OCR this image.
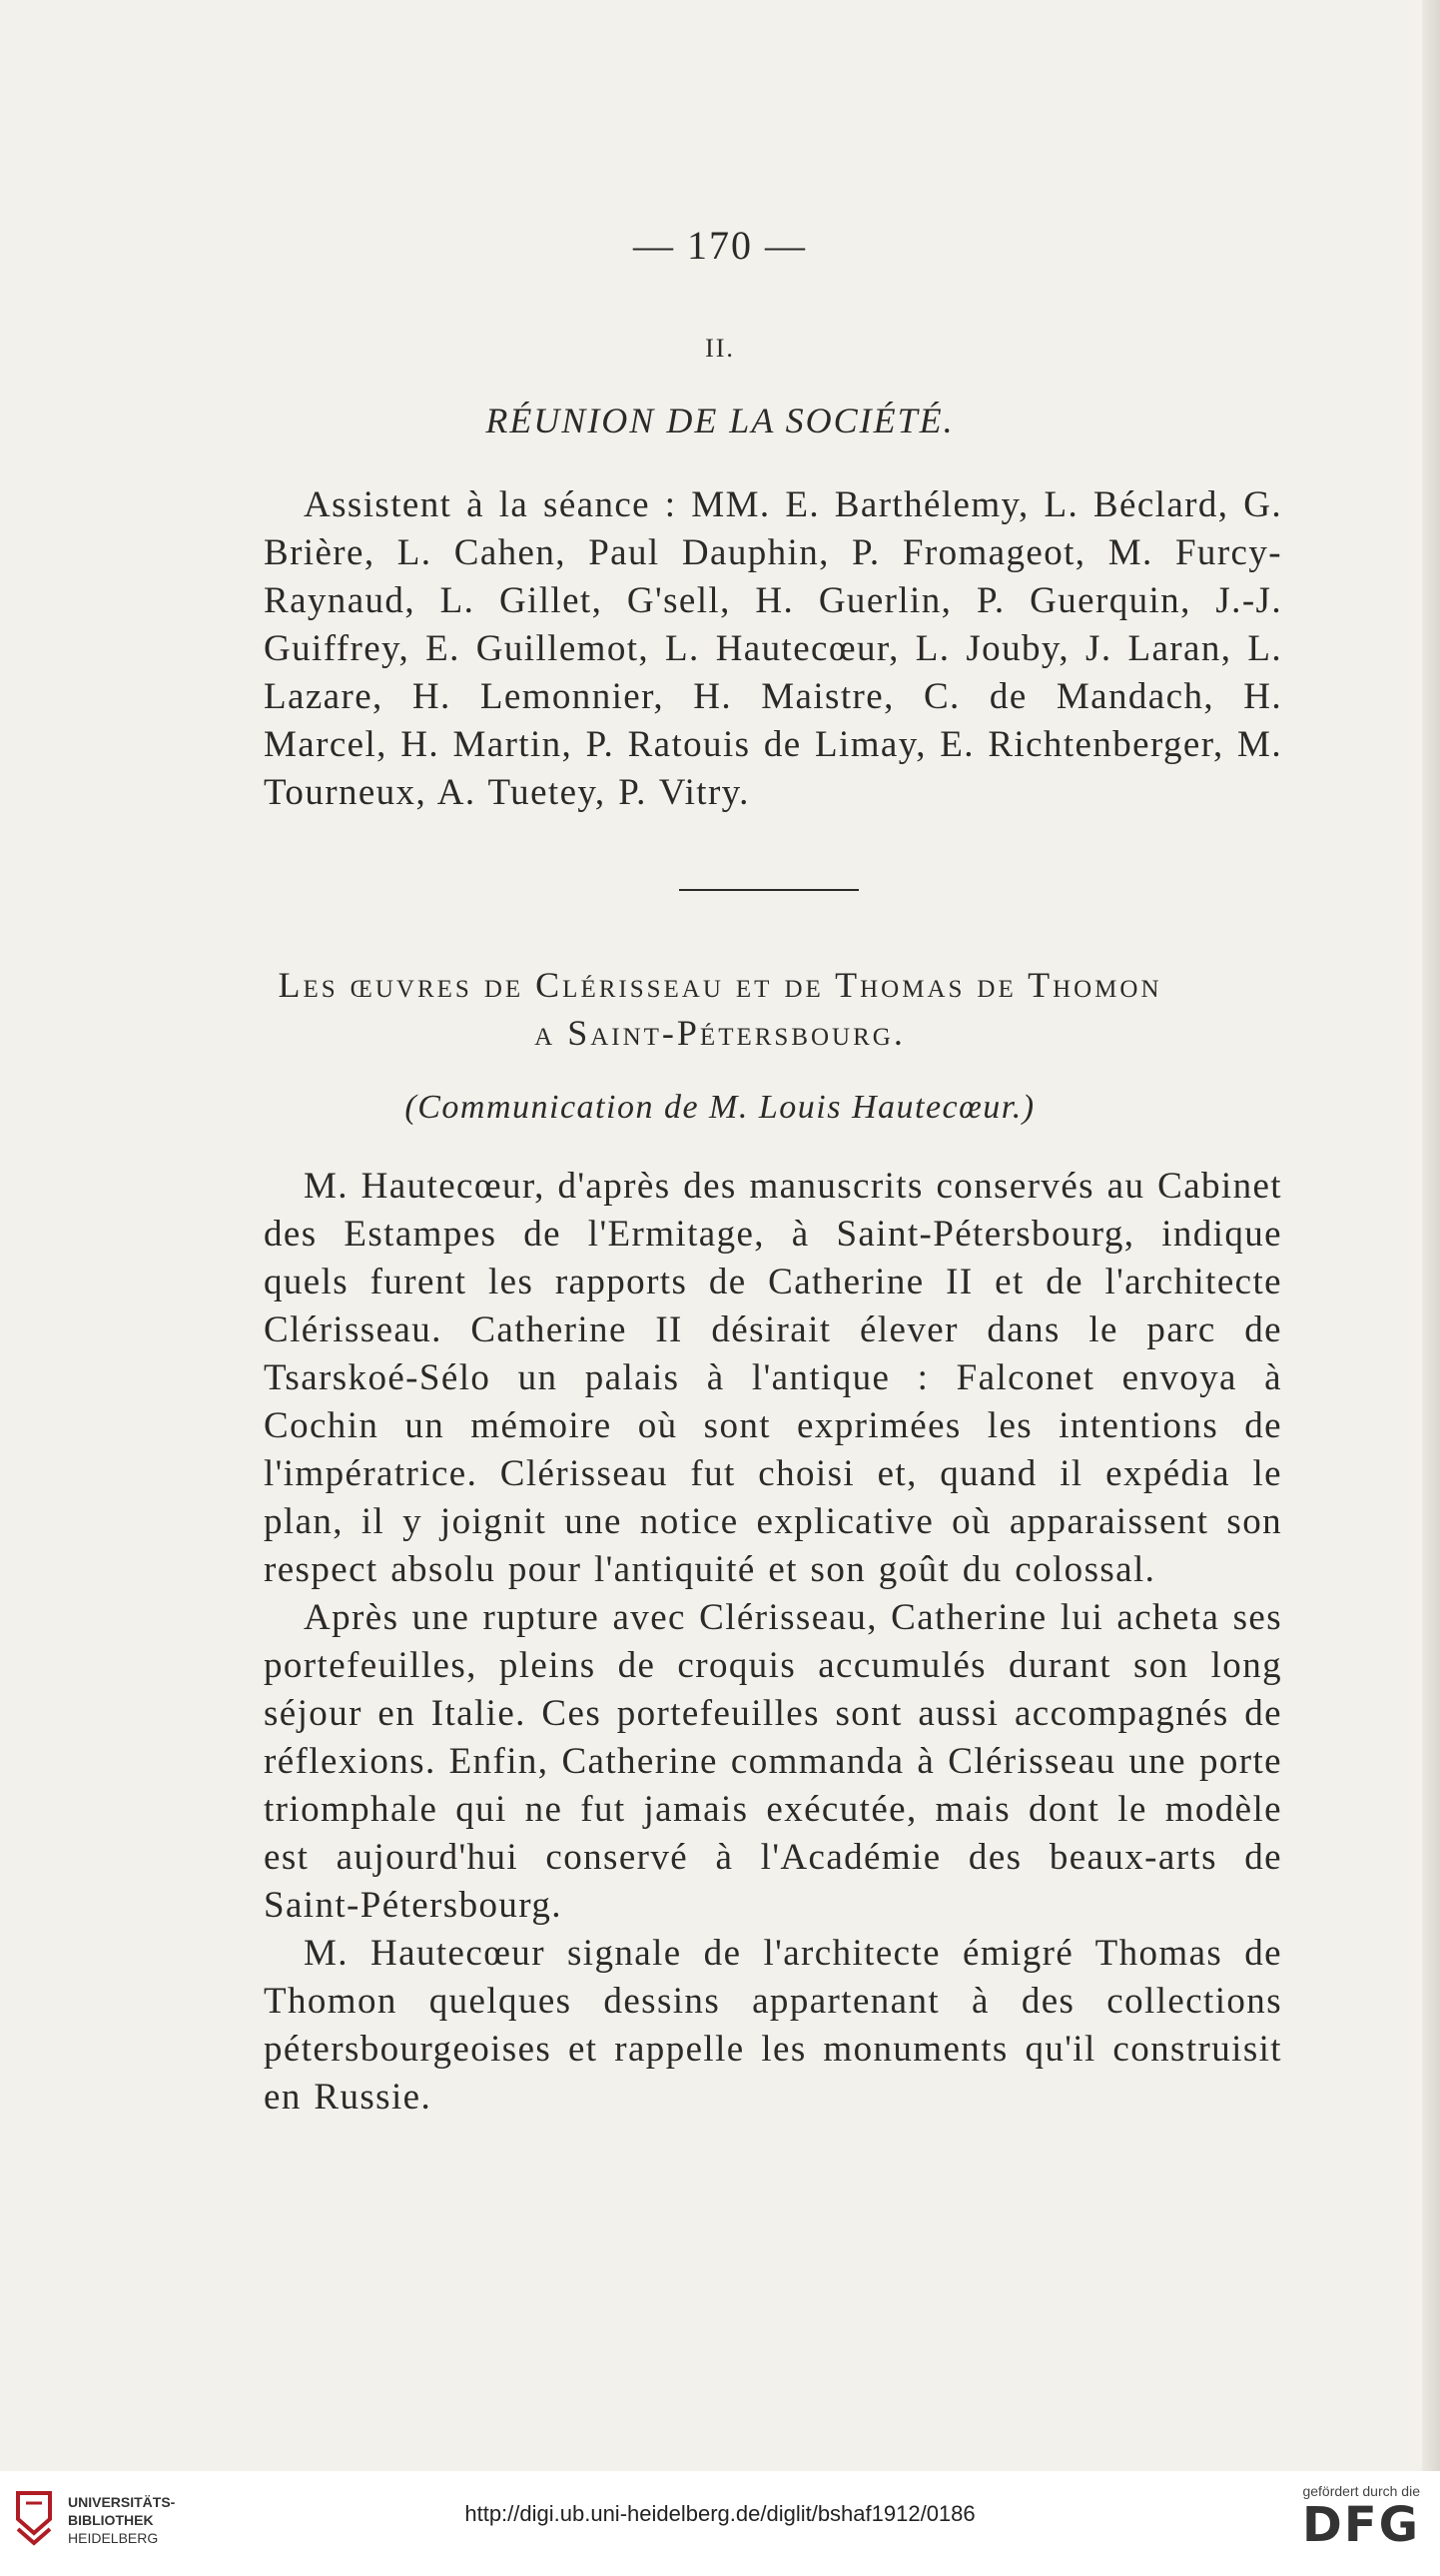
— 170 —
II.
RÉUNION DE LA SOCIÉTÉ.

Assistent à la séance : MM. E. Barthélemy, L. Béclard, G. Brière, L. Cahen, Paul Dauphin, P. Fromageot, M. Furcy-Raynaud, L. Gillet, G'sell, H. Guerlin, P. Guerquin, J.-J. Guiffrey, E. Guillemot, L. Hautecœur, L. Jouby, J. Laran, L. Lazare, H. Lemonnier, H. Maistre, C. de Mandach, H. Marcel, H. Martin, P. Ratouis de Limay, E. Richtenberger, M. Tourneux, A. Tuetey, P. Vitry.

Les œuvres de Clérisseau et de Thomas de Thomon
a Saint-Pétersbourg.
(Communication de M. Louis Hautecœur.)

M. Hautecœur, d'après des manuscrits conservés au Cabinet des Estampes de l'Ermitage, à Saint-Pétersbourg, indique quels furent les rapports de Catherine II et de l'architecte Clérisseau. Catherine II désirait élever dans le parc de Tsarskoé-Sélo un palais à l'antique : Falconet envoya à Cochin un mémoire où sont exprimées les intentions de l'impératrice. Clérisseau fut choisi et, quand il expédia le plan, il y joignit une notice explicative où apparaissent son respect absolu pour l'antiquité et son goût du colossal.

Après une rupture avec Clérisseau, Catherine lui acheta ses portefeuilles, pleins de croquis accumulés durant son long séjour en Italie. Ces portefeuilles sont aussi accompagnés de réflexions. Enfin, Catherine commanda à Clérisseau une porte triomphale qui ne fut jamais exécutée, mais dont le modèle est aujourd'hui conservé à l'Académie des beaux-arts de Saint-Pétersbourg.

M. Hautecœur signale de l'architecte émigré Thomas de Thomon quelques dessins appartenant à des collections pétersbourgeoises et rappelle les monuments qu'il construisit en Russie.

UNIVERSITÄTS-
BIBLIOTHEK
HEIDELBERG
http://digi.ub.uni-heidelberg.de/diglit/bshaf1912/0186
gefördert durch die
DFG
